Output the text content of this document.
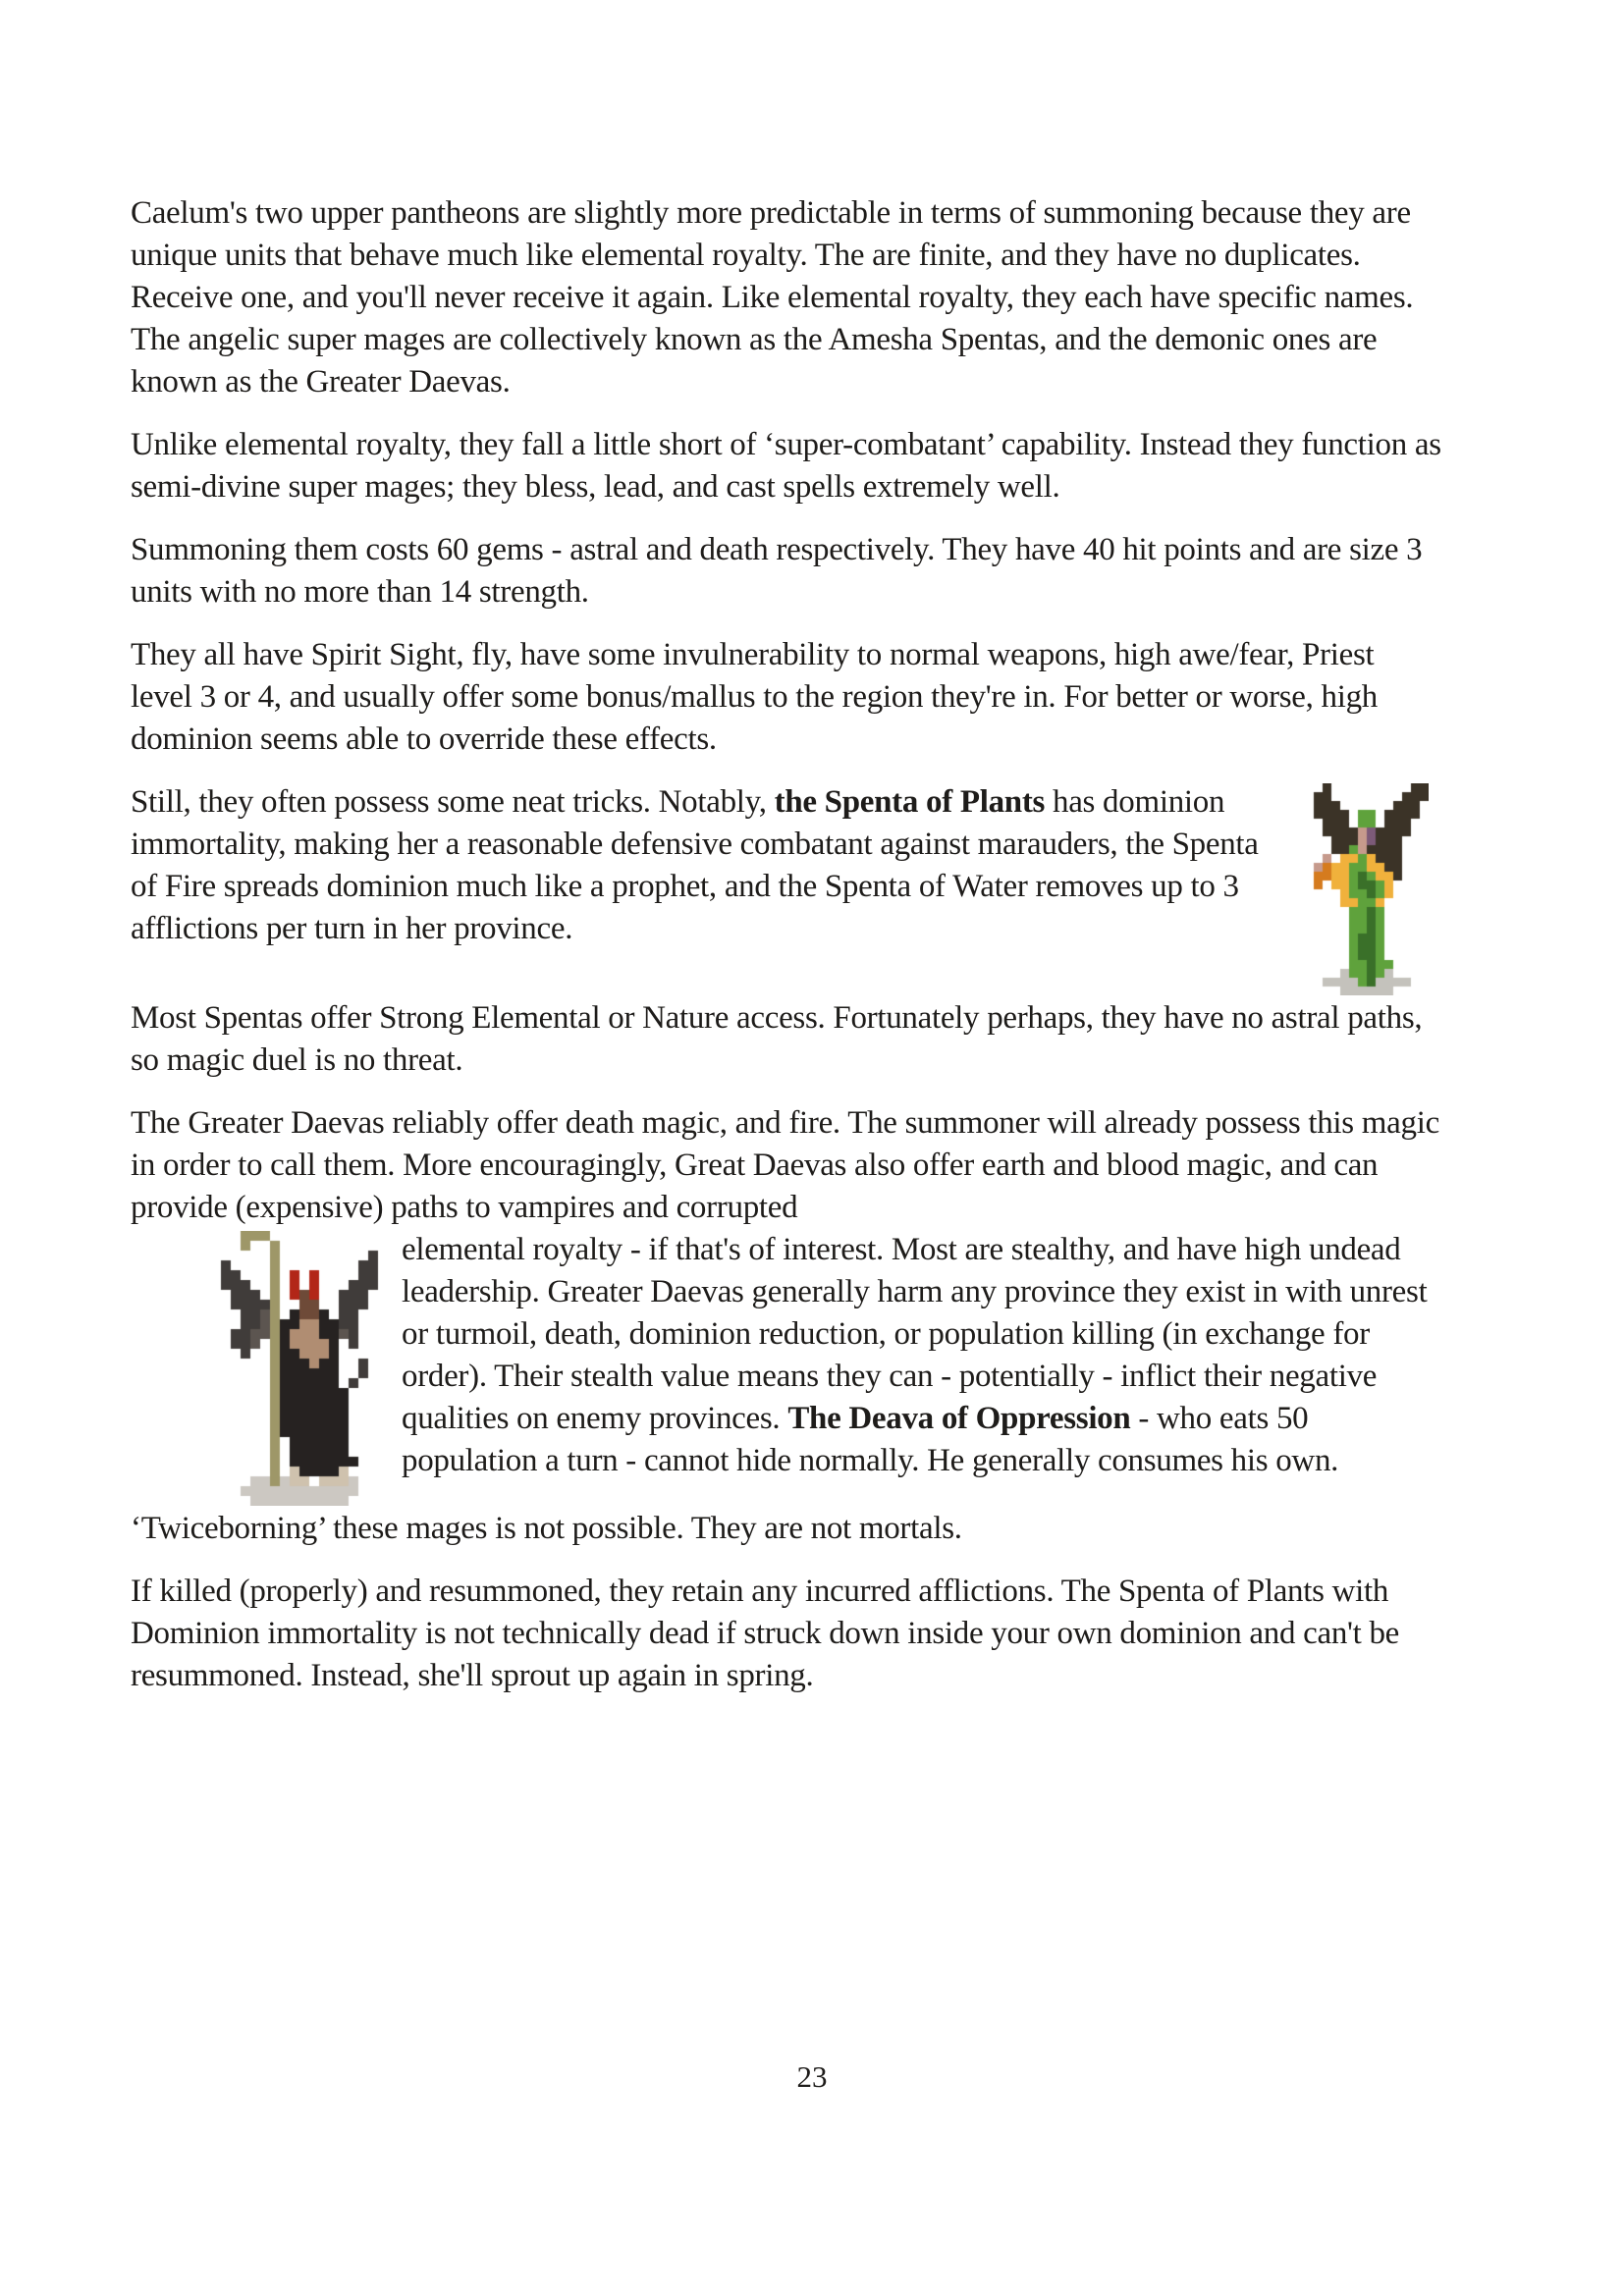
Caelum's two upper pantheons are slightly more predictable in terms of summoning because they are unique units that behave much like elemental royalty. The are finite, and they have no duplicates. Receive one, and you'll never receive it again. Like elemental royalty, they each have specific names. The angelic super mages are collectively known as the Amesha Spentas, and the demonic ones are known as the Greater Daevas.

Unlike elemental royalty, they fall a little short of ‘super-combatant’ capability. Instead they function as semi-divine super mages; they bless, lead, and cast spells extremely well.

Summoning them costs 60 gems - astral and death respectively. They have 40 hit points and are size 3 units with no more than 14 strength.

They all have Spirit Sight, fly, have some invulnerability to normal weapons, high awe/fear, Priest level 3 or 4, and usually offer some bonus/mallus to the region they're in. For better or worse, high dominion seems able to override these effects.

Still, they often possess some neat tricks. Notably, the Spenta of Plants has dominion immortality, making her a reasonable defensive combatant against marauders, the Spenta of Fire spreads dominion much like a prophet, and the Spenta of Water removes up to 3 afflictions per turn in her province.

Most Spentas offer Strong Elemental or Nature access. Fortunately perhaps, they have no astral paths, so magic duel is no threat.

The Greater Daevas reliably offer death magic, and fire. The summoner will already possess this magic in order to call them. More encouragingly, Great Daevas also offer earth and blood magic, and can provide (expensive) paths to vampires and corrupted

elemental royalty - if that's of interest. Most are stealthy, and have high undead leadership. Greater Daevas generally harm any province they exist in with unrest or turmoil, death, dominion reduction, or population killing (in exchange for order). Their stealth value means they can - potentially - inflict their negative qualities on enemy provinces. The Deava of Oppression - who eats 50 population a turn - cannot hide normally. He generally consumes his own.

‘Twiceborning’ these mages is not possible. They are not mortals.

If killed (properly) and resummoned, they retain any incurred afflictions. The Spenta of Plants with Dominion immortality is not technically dead if struck down inside your own dominion and can't be resummoned. Instead, she'll sprout up again in spring.

23
